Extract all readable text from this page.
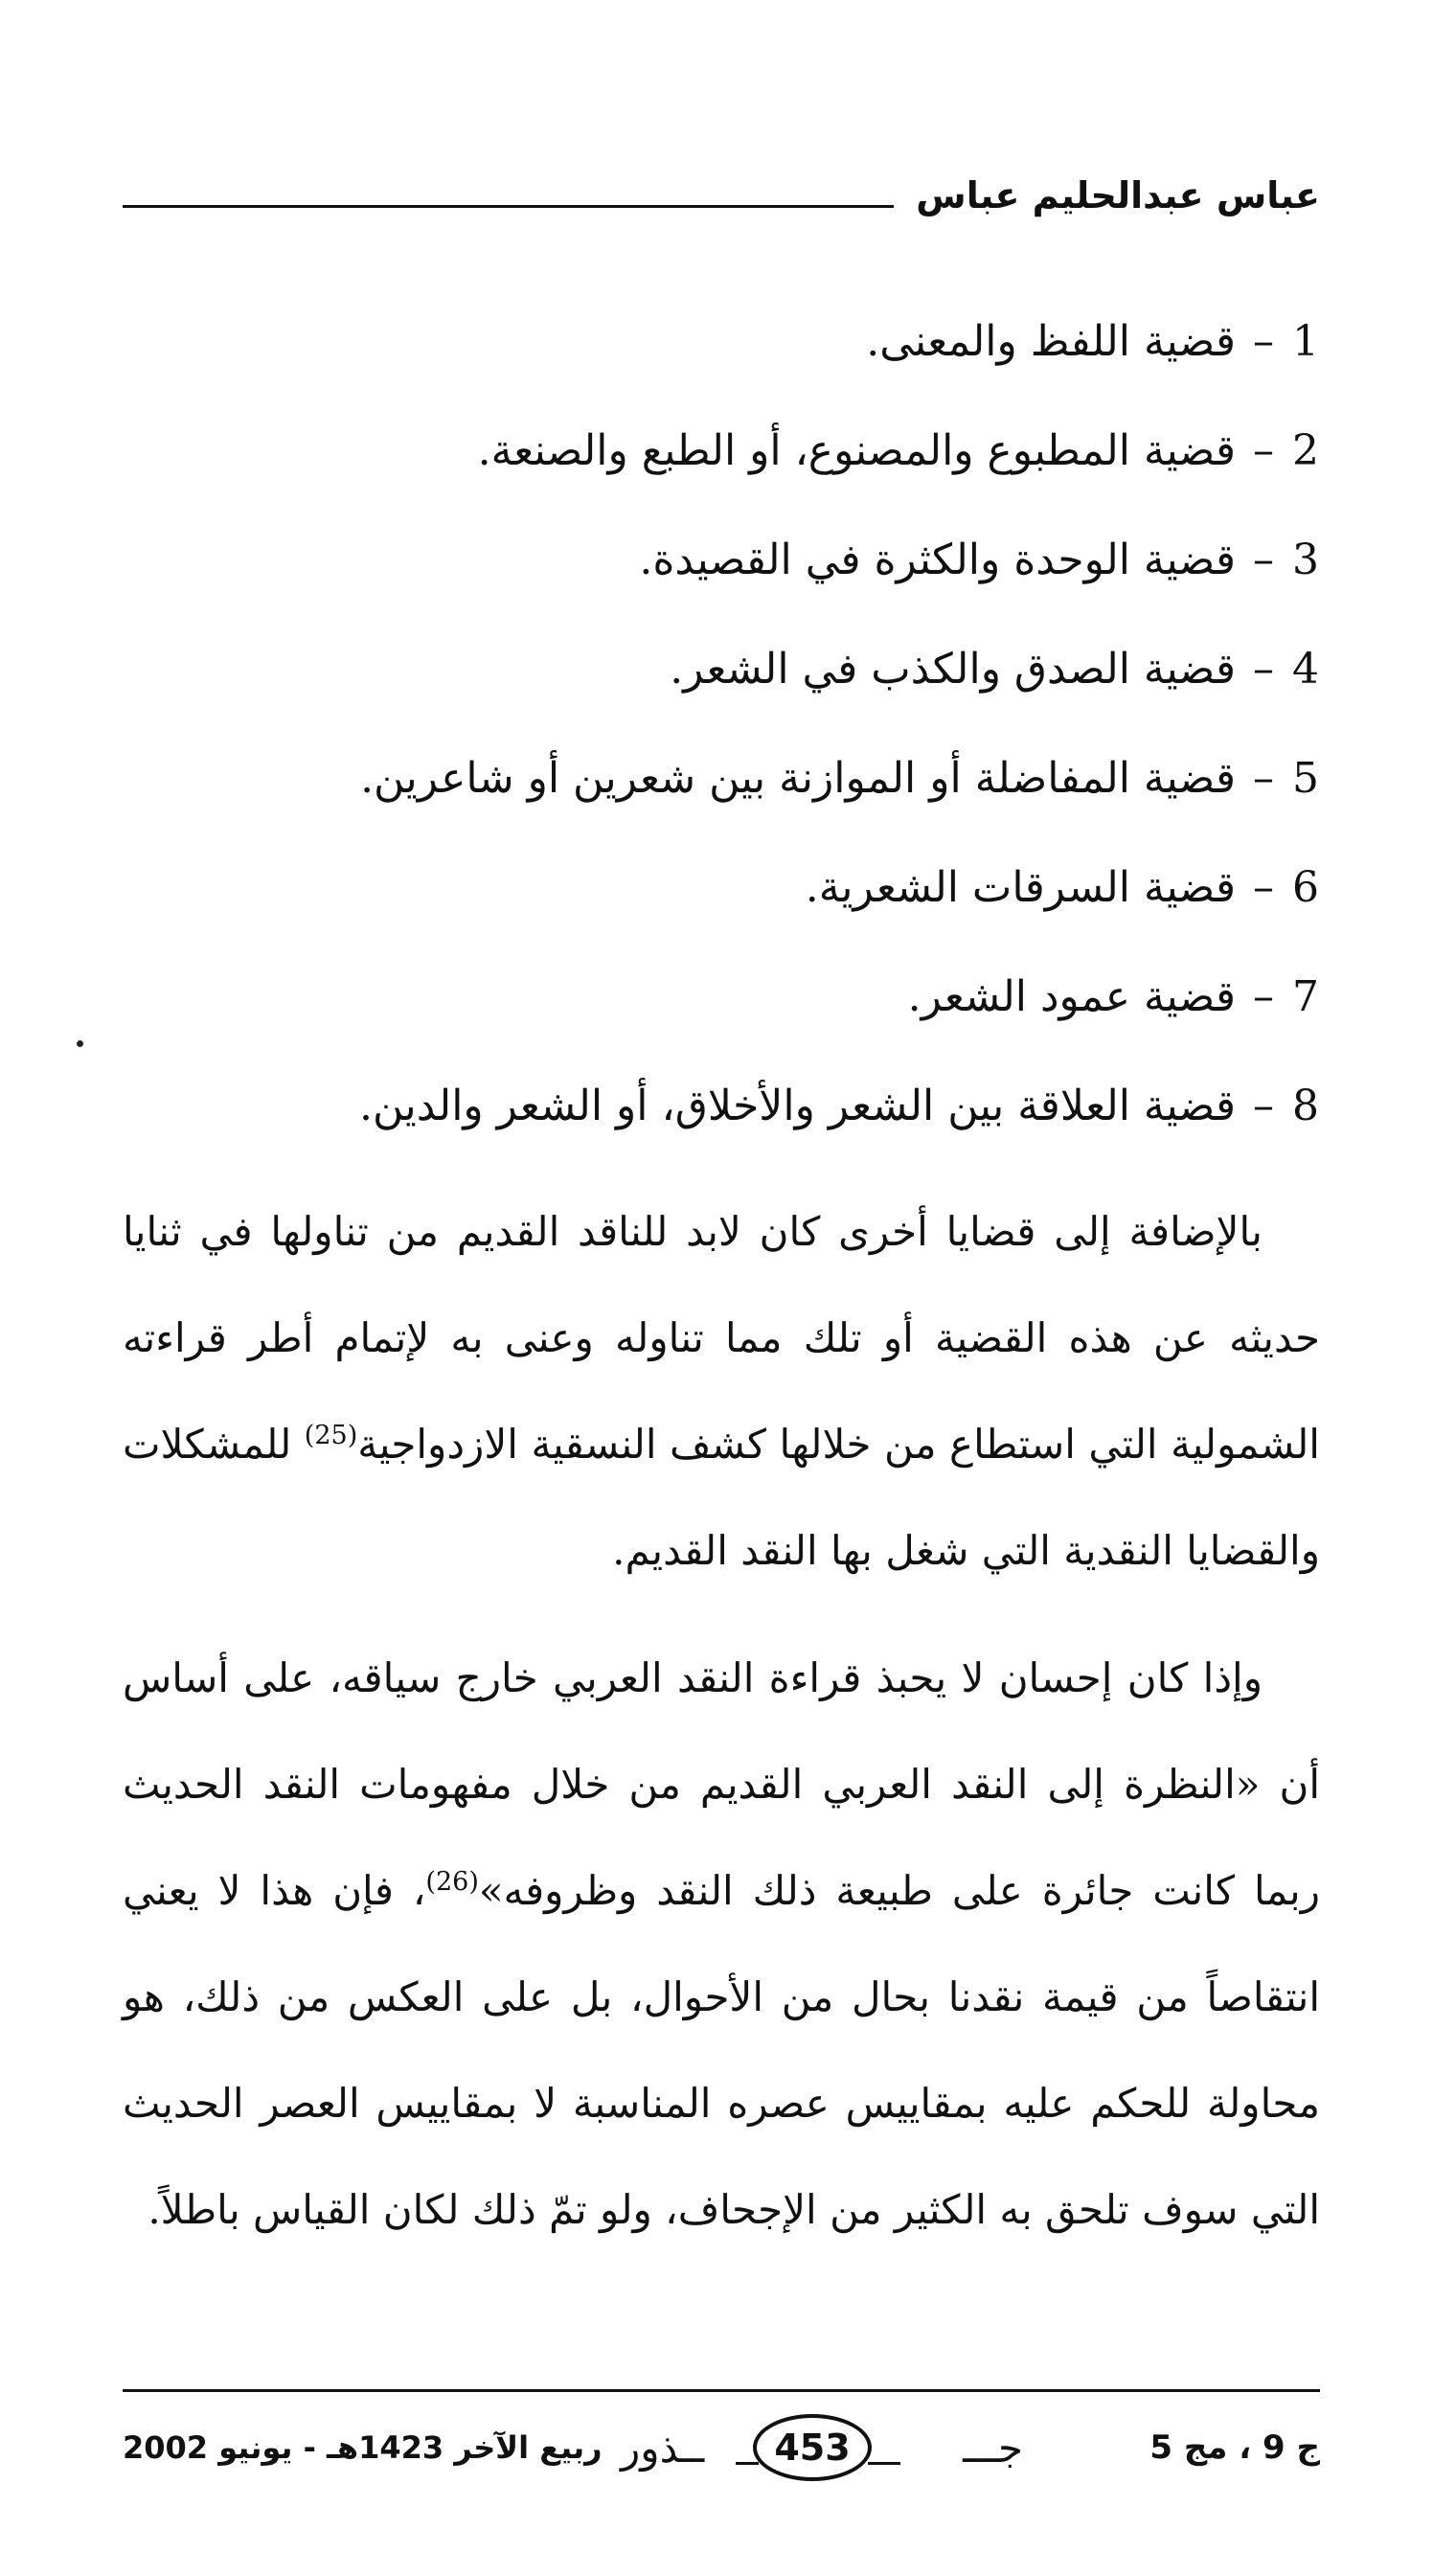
عباس عبدالحليم عباس
1
–
قضية اللفظ والمعنى.
2
–
قضية المطبوع والمصنوع، أو الطبع والصنعة.
3
–
قضية الوحدة والكثرة في القصيدة.
4
–
قضية الصدق والكذب في الشعر.
5
–
قضية المفاضلة أو الموازنة بين شعرين أو شاعرين.
6
–
قضية السرقات الشعرية.
7
–
قضية عمود الشعر.
8
–
قضية العلاقة بين الشعر والأخلاق، أو الشعر والدين.

بالإضافة إلى قضايا أخرى كان لابد للناقد القديم من تناولها في ثنايا حديثه عن هذه القضية أو تلك مما تناوله وعنى به لإتمام أطر قراءته الشمولية التي استطاع من خلالها كشف النسقية الازدواجية$^{(25)}$ للمشكلات والقضايا النقدية التي شغل بها النقد القديم.

وإذا كان إحسان لا يحبذ قراءة النقد العربي خارج سياقه، على أساس أن «النظرة إلى النقد العربي القديم من خلال مفهومات النقد الحديث ربما كانت جائرة على طبيعة ذلك النقد وظروفه»$^{(26)}$، فإن هذا لا يعني انتقاصاً من قيمة نقدنا بحال من الأحوال، بل على العكس من ذلك، هو محاولة للحكم عليه بمقاييس عصره المناسبة لا بمقاييس العصر الحديث التي سوف تلحق به الكثير من الإجحاف، ولو تمّ ذلك لكان القياس باطلاً.

ج 9 ، مج 5
ــذور	453	جـــ
ربيع الآخر 1423هـ - يونيو 2002
